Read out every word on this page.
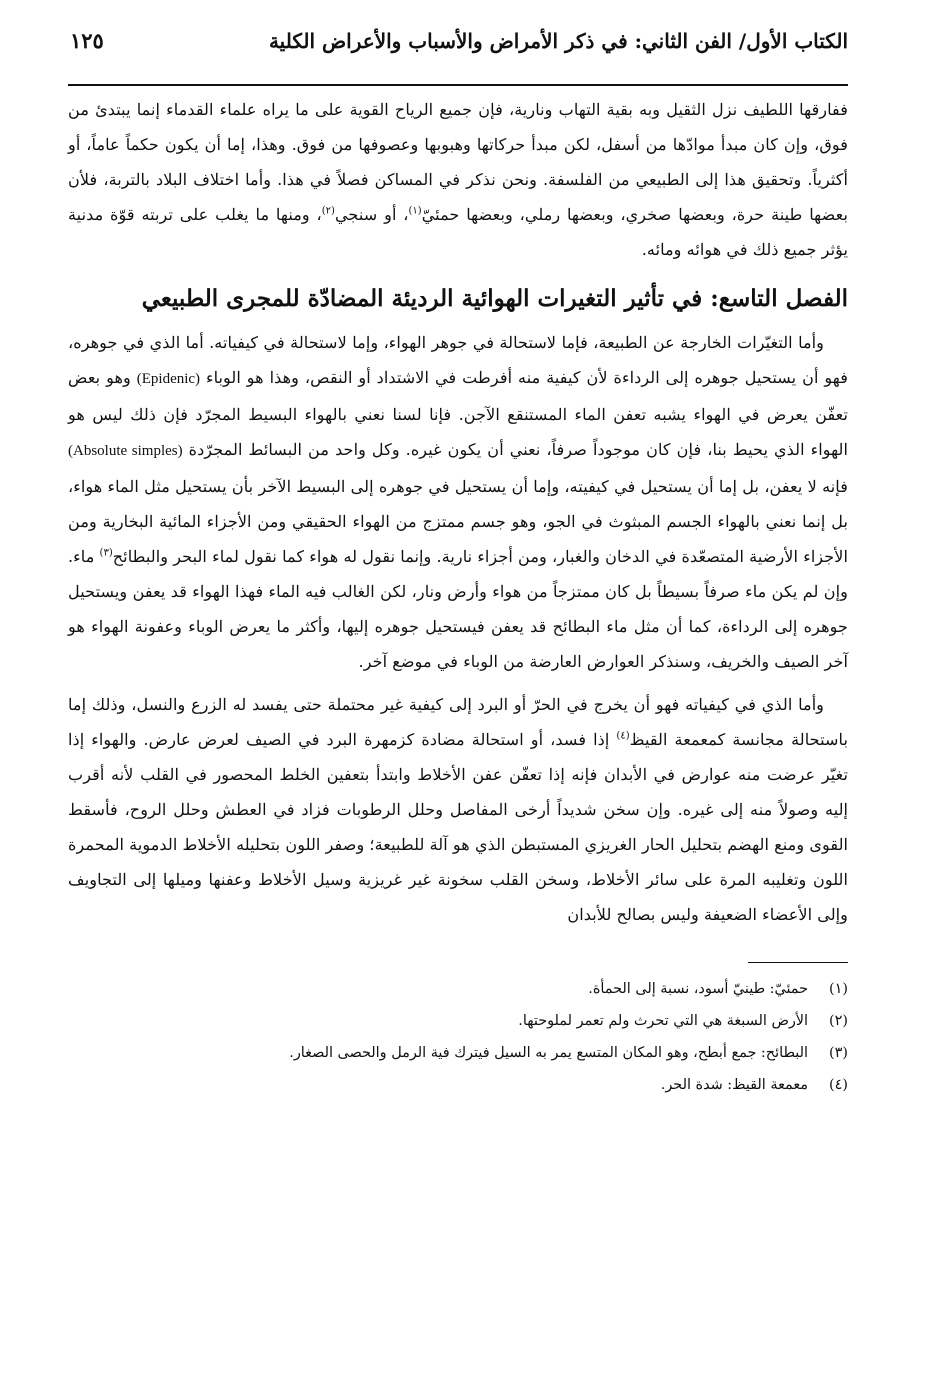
الكتاب الأول/ الفن الثاني: في ذكر الأمراض والأسباب والأعراض الكلية
١٢٥

ففارقها اللطيف نزل الثقيل وبه بقية التهاب ونارية، فإن جميع الرياح القوية على ما يراه علماء القدماء إنما يبتدئ من فوق، وإن كان مبدأ موادّها من أسفل، لكن مبدأ حركاتها وهبوبها وعصوفها من فوق. وهذا، إما أن يكون حكماً عاماً، أو أكثرياً. وتحقيق هذا إلى الطبيعي من الفلسفة. ونحن نذكر في المساكن فصلاً في هذا. وأما اختلاف البلاد بالتربة، فلأن بعضها طينة حرة، وبعضها صخري، وبعضها رملي، وبعضها حمئيّ$^{(١)}$، أو سنجي$^{(٢)}$، ومنها ما يغلب على تربته قوّة مدنية يؤثر جميع ذلك في هوائه ومائه.

الفصل التاسع: في تأثير التغيرات الهوائية الرديئة المضادّة للمجرى الطبيعي

وأما التغيّرات الخارجة عن الطبيعة، فإما لاستحالة في جوهر الهواء، وإما لاستحالة في كيفياته. أما الذي في جوهره، فهو أن يستحيل جوهره إلى الرداءة لأن كيفية منه أفرطت في الاشتداد أو النقص، وهذا هو الوباء (Epidenic) وهو بعض تعفّن يعرض في الهواء يشبه تعفن الماء المستنقع الآجن. فإنا لسنا نعني بالهواء البسيط المجرّد فإن ذلك ليس هو الهواء الذي يحيط بنا، فإن كان موجوداً صرفاً، نعني أن يكون غيره. وكل واحد من البسائط المجرّدة (Absolute simples) فإنه لا يعفن، بل إما أن يستحيل في كيفيته، وإما أن يستحيل في جوهره إلى البسيط الآخر بأن يستحيل مثل الماء هواء، بل إنما نعني بالهواء الجسم المبثوث في الجو، وهو جسم ممتزج من الهواء الحقيقي ومن الأجزاء المائية البخارية ومن الأجزاء الأرضية المتصعّدة في الدخان والغبار، ومن أجزاء نارية. وإنما نقول له هواء كما نقول لماء البحر والبطائح$^{(٣)}$ ماء. وإن لم يكن ماء صرفاً بسيطاً بل كان ممتزجاً من هواء وأرض ونار، لكن الغالب فيه الماء فهذا الهواء قد يعفن ويستحيل جوهره إلى الرداءة، كما أن مثل ماء البطائح قد يعفن فيستحيل جوهره إليها، وأكثر ما يعرض الوباء وعفونة الهواء هو آخر الصيف والخريف، وسنذكر العوارض العارضة من الوباء في موضع آخر.

وأما الذي في كيفياته فهو أن يخرج في الحرّ أو البرد إلى كيفية غير محتملة حتى يفسد له الزرع والنسل، وذلك إما باستحالة مجانسة كمعمعة القيظ$^{(٤)}$ إذا فسد، أو استحالة مضادة كزمهرة البرد في الصيف لعرض عارض. والهواء إذا تغيّر عرضت منه عوارض في الأبدان فإنه إذا تعفّن عفن الأخلاط وابتدأ بتعفين الخلط المحصور في القلب لأنه أقرب إليه وصولاً منه إلى غيره. وإن سخن شديداً أرخى المفاصل وحلل الرطوبات فزاد في العطش وحلل الروح، فأسقط القوى ومنع الهضم بتحليل الحار الغريزي المستبطن الذي هو آلة للطبيعة؛ وصفر اللون بتحليله الأخلاط الدموية المحمرة اللون وتغليبه المرة على سائر الأخلاط، وسخن القلب سخونة غير غريزية وسيل الأخلاط وعفنها وميلها إلى التجاويف وإلى الأعضاء الضعيفة وليس بصالح للأبدان

(١)
حمئيّ: طينيّ أسود، نسبة إلى الحمأة.
(٢)
الأرض السبغة هي التي تحرث ولم تعمر لملوحتها.
(٣)
البطائح: جمع أبطح، وهو المكان المتسع يمر به السيل فيترك فية الرمل والحصى الصغار.
(٤)
معمعة القيظ: شدة الحر.
